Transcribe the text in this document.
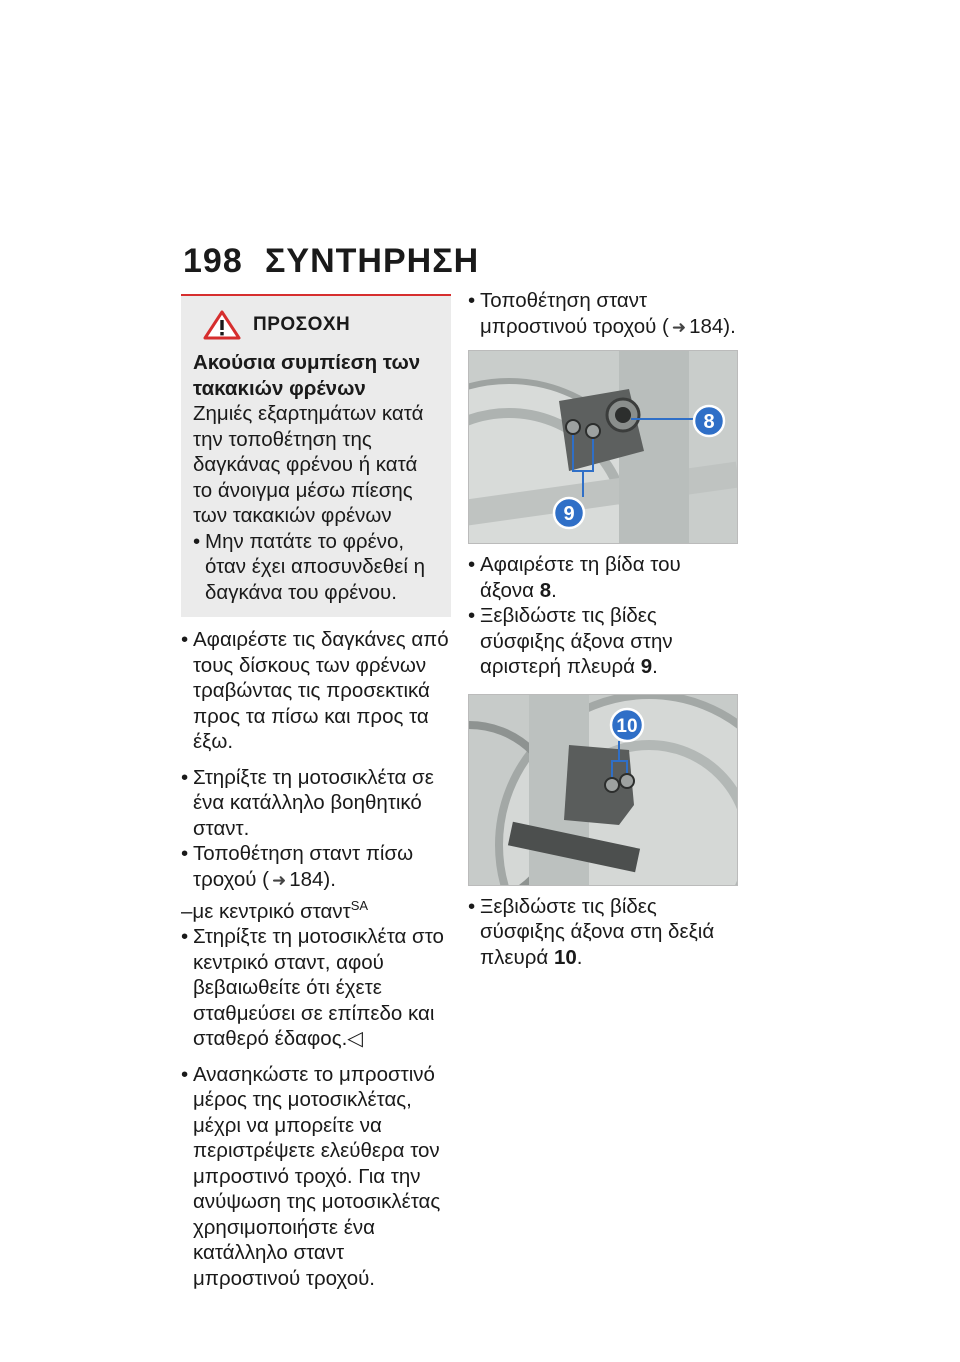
198 ΣΥΝΤΗΡΗΣΗ
ΠΡΟΣΟΧΗ
Ακούσια συμπίεση των τακακιών φρένων
Ζημιές εξαρτημάτων κατά την τοποθέτηση της δαγκάνας φρένου ή κατά το άνοιγμα μέσω πίεσης των τακακιών φρένων
• Μην πατάτε το φρένο, όταν έχει αποσυνδεθεί η δαγκάνα του φρένου.
• Αφαιρέστε τις δαγκάνες από τους δίσκους των φρένων τραβώντας τις προσεκτικά προς τα πίσω και προς τα έξω.
• Στηρίξτε τη μοτοσικλέτα σε ένα κατάλληλο βοηθητικό σταντ.
• Τοποθέτηση σταντ πίσω τροχού ( ➜ 184).
–με κεντρικό σταντ$^{SA}$
• Στηρίξτε τη μοτοσικλέτα στο κεντρικό σταντ, αφού βεβαιωθείτε ότι έχετε σταθμεύσει σε επίπεδο και σταθερό έδαφος.◁
• Ανασηκώστε το μπροστινό μέρος της μοτοσικλέτας, μέχρι να μπορείτε να περιστρέψετε ελεύθερα τον μπροστινό τροχό. Για την ανύψωση της μοτοσικλέτας χρησιμοποιήστε ένα κατάλληλο σταντ μπροστινού τροχού.
• Τοποθέτηση σταντ μπροστινού τροχού ( ➜ 184).
8
9
• Αφαιρέστε τη βίδα του άξονα 8.
• Ξεβιδώστε τις βίδες σύσφιξης άξονα στην αριστερή πλευρά 9.
10
• Ξεβιδώστε τις βίδες σύσφιξης άξονα στη δεξιά πλευρά 10.
